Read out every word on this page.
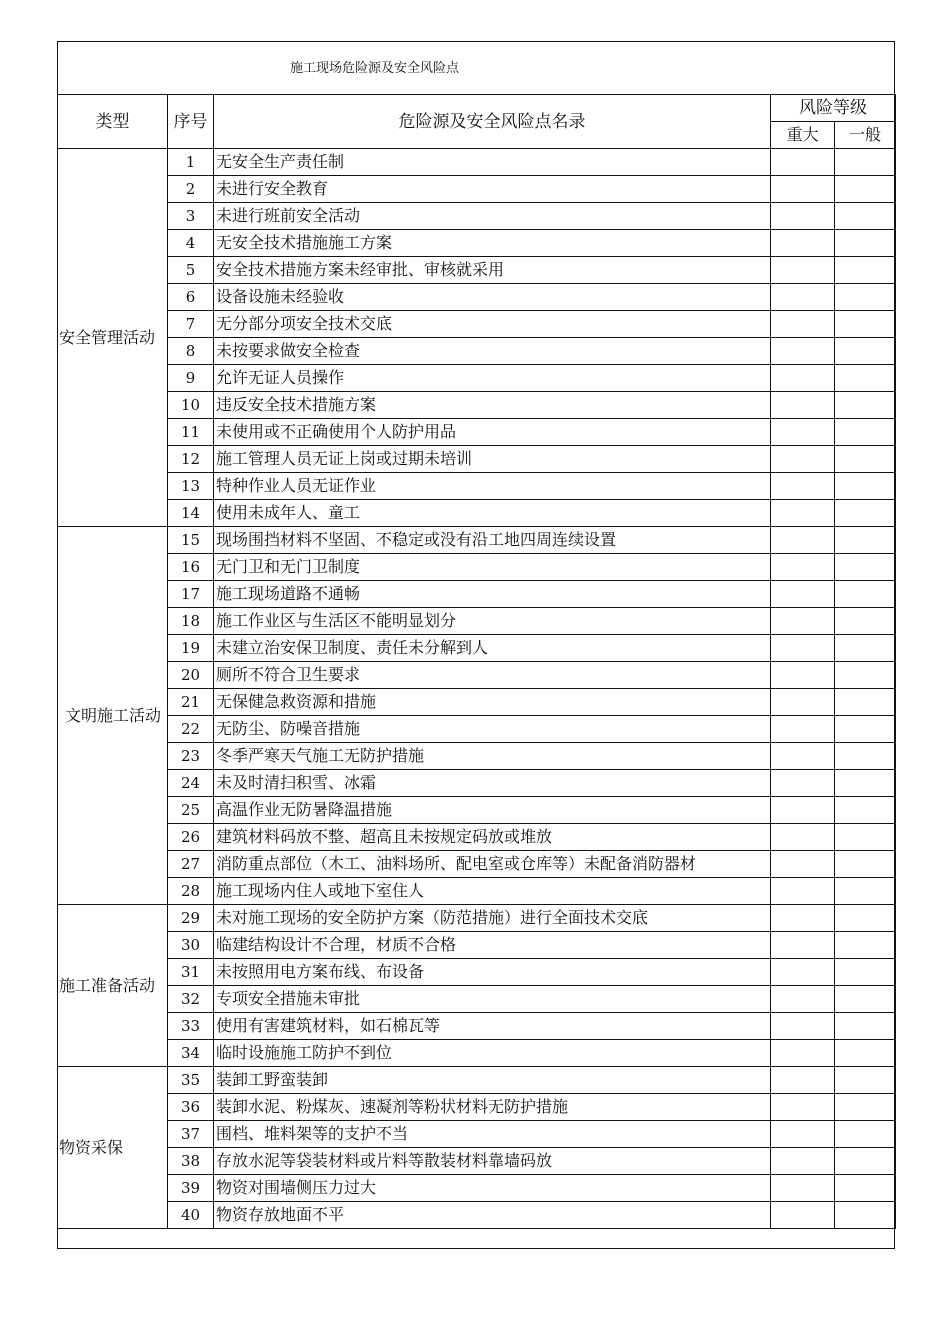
施工现场危险源及安全风险点
类型	序号	危险源及安全风险点名录	风险等级	
			重大	一般
安全管理活动	1	无安全生产责任制		
	2	未进行安全教育		
	3	未进行班前安全活动		
	4	无安全技术措施施工方案		
	5	安全技术措施方案未经审批、审核就采用		
	6	设备设施未经验收		
	7	无分部分项安全技术交底		
	8	未按要求做安全检查		
	9	允许无证人员操作		
	10	违反安全技术措施方案		
	11	未使用或不正确使用个人防护用品		
	12	施工管理人员无证上岗或过期未培训		
	13	特种作业人员无证作业		
	14	使用未成年人、童工		
文明施工活动	15	现场围挡材料不坚固、不稳定或没有沿工地四周连续设置		
	16	无门卫和无门卫制度		
	17	施工现场道路不通畅		
	18	施工作业区与生活区不能明显划分		
	19	未建立治安保卫制度、责任未分解到人		
	20	厕所不符合卫生要求		
	21	无保健急救资源和措施		
	22	无防尘、防噪音措施		
	23	冬季严寒天气施工无防护措施		
	24	未及时清扫积雪、冰霜		
	25	高温作业无防暑降温措施		
	26	建筑材料码放不整、超高且未按规定码放或堆放		
	27	消防重点部位（木工、油料场所、配电室或仓库等）未配备消防器材		
	28	施工现场内住人或地下室住人		
施工准备活动	29	未对施工现场的安全防护方案（防范措施）进行全面技术交底		
	30	临建结构设计不合理，材质不合格		
	31	未按照用电方案布线、布设备		
	32	专项安全措施未审批		
	33	使用有害建筑材料，如石棉瓦等		
	34	临时设施施工防护不到位		
物资采保	35	装卸工野蛮装卸		
	36	装卸水泥、粉煤灰、速凝剂等粉状材料无防护措施		
	37	围档、堆料架等的支护不当		
	38	存放水泥等袋装材料或片料等散装材料靠墙码放		
	39	物资对围墙侧压力过大		
	40	物资存放地面不平		
